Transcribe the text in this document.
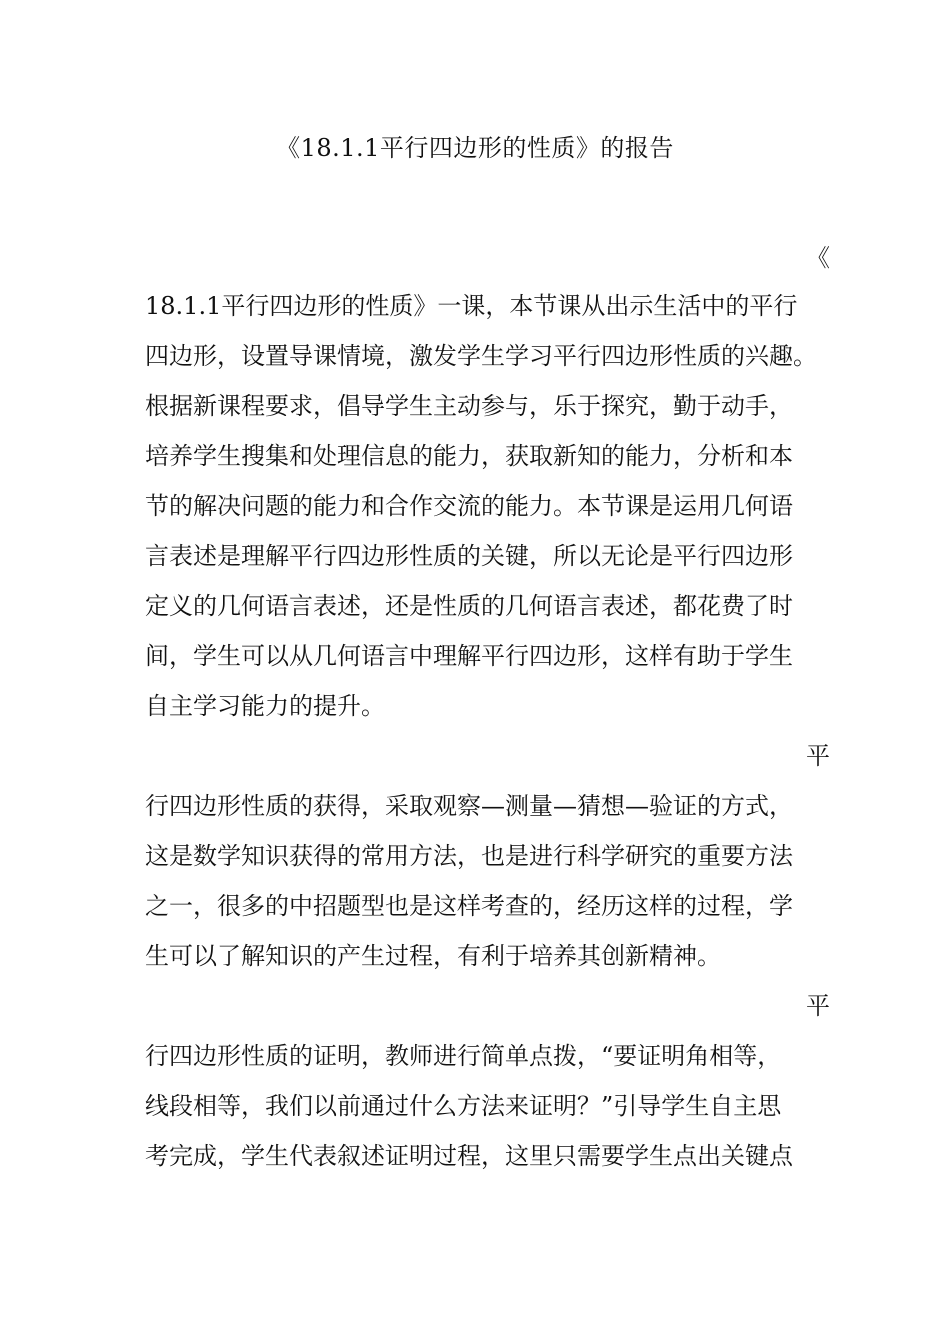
《18.1.1平行四边形的性质》的报告
《
18.1.1平行四边形的性质》一课，本节课从出示生活中的平行
四边形，设置导课情境，激发学生学习平行四边形性质的兴趣。
根据新课程要求，倡导学生主动参与，乐于探究，勤于动手，
培养学生搜集和处理信息的能力，获取新知的能力，分析和本
节的解决问题的能力和合作交流的能力。本节课是运用几何语
言表述是理解平行四边形性质的关键，所以无论是平行四边形
定义的几何语言表述，还是性质的几何语言表述，都花费了时
间，学生可以从几何语言中理解平行四边形，这样有助于学生
自主学习能力的提升。
平
行四边形性质的获得，采取观察—测量—猜想—验证的方式，
这是数学知识获得的常用方法，也是进行科学研究的重要方法
之一，很多的中招题型也是这样考查的，经历这样的过程，学
生可以了解知识的产生过程，有利于培养其创新精神。
平
行四边形性质的证明，教师进行简单点拨，“要证明角相等，
线段相等，我们以前通过什么方法来证明？”引导学生自主思
考完成，学生代表叙述证明过程，这里只需要学生点出关键点
